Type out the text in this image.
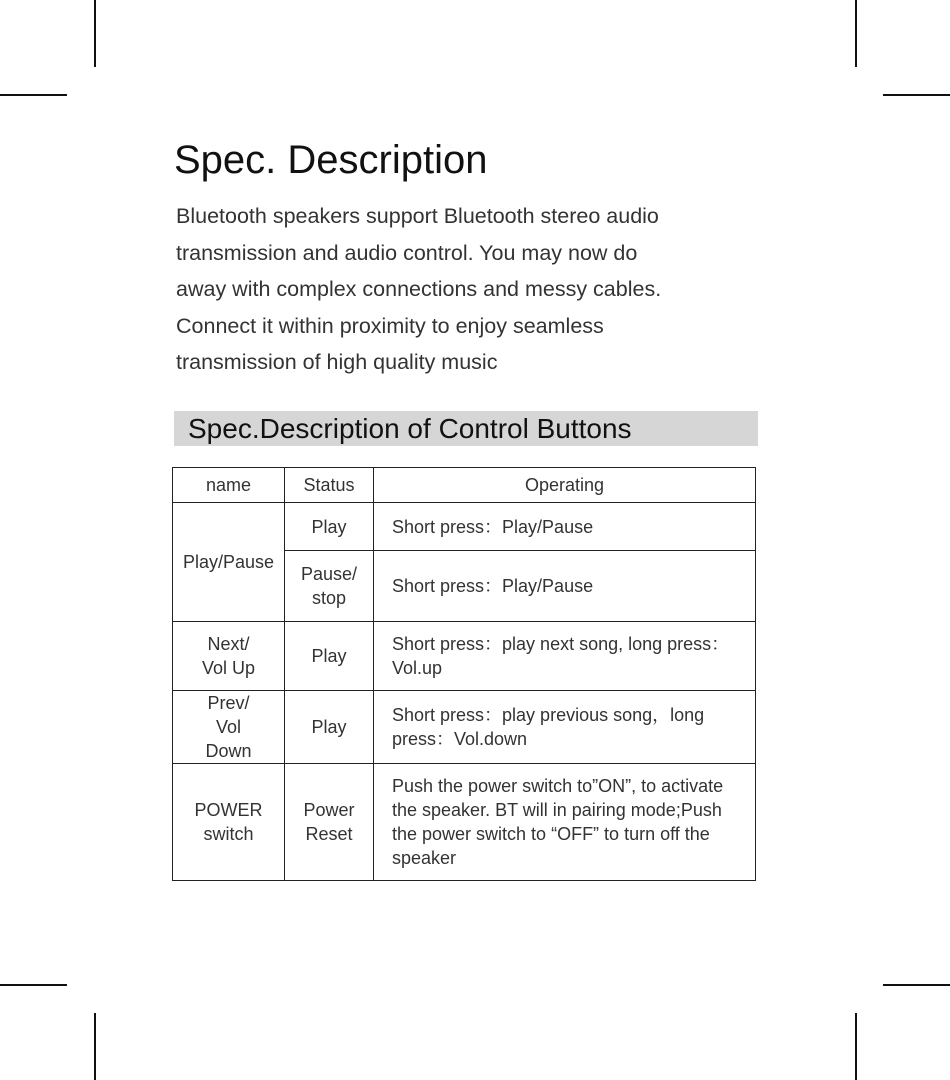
Spec. Description
Bluetooth speakers support Bluetooth stereo audio
transmission and audio control. You may now do
away with complex connections and messy cables.
Connect it within proximity to enjoy seamless
transmission of high quality music
Spec.Description of Control Buttons
name	Status	Operating
Play/Pause	Play	Short press：Play/Pause
	Pause/ stop	Short press：Play/Pause
Next/ Vol Up	Play	Short press：play next song, long press：Vol.up
Prev/ Vol Down	Play	Short press：play previous song，long press：Vol.down
POWER switch	Power Reset	Push the power switch to”ON”, to activate the speaker. BT will in pairing mode;Push the power switch to “OFF” to turn off the speaker
